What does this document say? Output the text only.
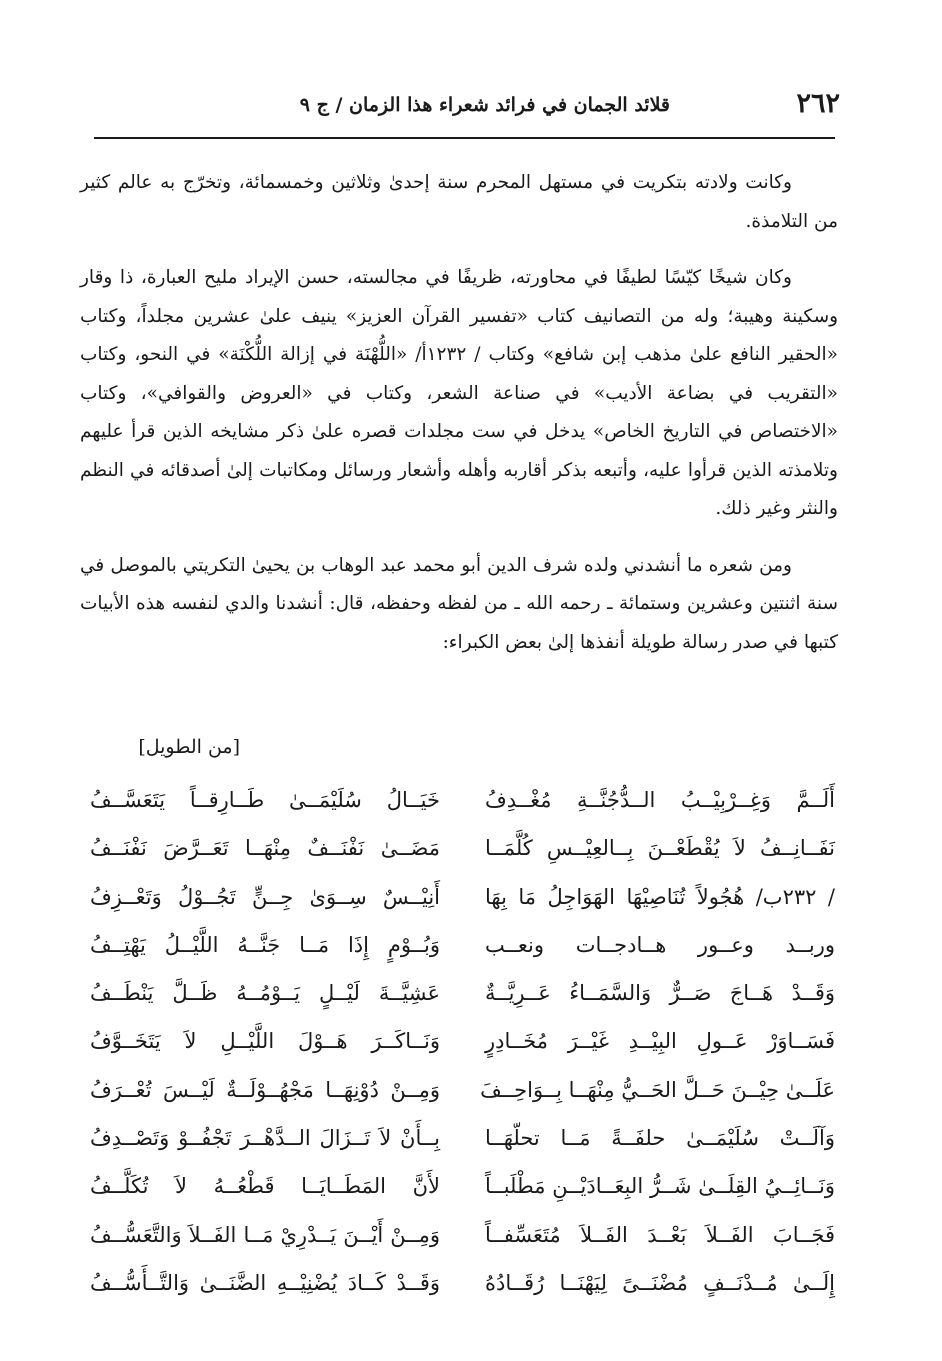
٢٦٢
قلائد الجمان في فرائد شعراء هذا الزمان / ج ٩

وكانت ولادته بتكريت في مستهل المحرم سنة إحدىٰ وثلاثين وخمسمائة، وتخرّج به عالم كثير من التلامذة.

وكان شيخًا كيّسًا لطيفًا في محاورته، ظريفًا في مجالسته، حسن الإيراد مليح العبارة، ذا وقار وسكينة وهيبة؛ وله من التصانيف كتاب «تفسير القرآن العزيز» ينيف علىٰ عشرين مجلداً، وكتاب «الحقير النافع علىٰ مذهب إبن شافع» وكتاب / ١٢٣٢أ/ «اللُّهْنَة في إزالة اللُّكْنَة» في النحو، وكتاب «التقريب في بضاعة الأديب» في صناعة الشعر، وكتاب في «العروض والقوافي»، وكتاب «الاختصاص في التاريخ الخاص» يدخل في ست مجلدات قصره علىٰ ذكر مشايخه الذين قرأ عليهم وتلامذته الذين قرأوا عليه، وأتبعه بذكر أقاربه وأهله وأشعار ورسائل ومكاتبات إلىٰ أصدقائه في النظم والنثر وغير ذلك.

ومن شعره ما أنشدني ولده شرف الدين أبو محمد عبد الوهاب بن يحيىٰ التكريتي بالموصل في سنة اثنتين وعشرين وستمائة ـ رحمه الله ـ من لفظه وحفظه، قال: أنشدنا والدي لنفسه هذه الأبيات كتبها في صدر رسالة طويلة أنفذها إلىٰ بعض الكبراء:

[من الطويل]
أَلَــمَّ وَغِــرْبِيْــبُ الــدُّجُنَّــةِ مُغْــدِفُ
خَيَــالُ سُلَيْمَــىٰ طَــارِقــاً يَتَعَسَّــفُ
نَفَــانِــفُ لاَ يُقْطَعْــنَ بِــالعِيْــسِ كُلَّمَــا
مَضَــىٰ نَفْنَــفٌ مِنْهَــا تَعَــرَّضَ نَفْنَــفُ
/ ٢٣٢ب/ هُجُولاً تُنَاصِيْهَا الهَوَاجِلُ مَا بِهَا
أَنِيْــسٌ سِــوَىٰ جِــنٍّ تَجُــوْلُ وَتَعْــزِفُ
وربــد وعــور هــادجــات ونعــب
وَبُــوْمٍ إِذَا مَــا جَنَّــهُ اللَّيْــلُ يَهْتِــفُ
وَقَــدْ هَــاجَ صَــرٌّ وَالسَّمَــاءُ عَــرِيَّــةٌ
عَشِيَّــةَ لَيْــلٍ يَــوْمُــهُ ظَــلَّ يَنْطَــفُ
فَسَــاوَرْ عَــولِ البِيْــدِ غَيْــرَ مُخَــادِرٍ
وَنَــاكَــرَ هَــوْلَ اللَّيْــلِ لاَ يَتَخَــوَّفُ
عَلَــىٰ حِيْــنَ حَــلَّ الحَــيُّ مِنْهَــا بِــوَاحِــفَ
وَمِــنْ دُوْنِهَــا مَجْهُــوْلَــةٌ لَيْــسَ تُعْــرَفُ
وَآلَــتْ سُلَيْمَــىٰ حلفَــةً مَــا تحلّهَــا
بِــأَنْ لاَ تَــزَالَ الــدَّهْــرَ تَجْفُــوْ وَتَصْــدِفُ
وَنَــائِــيُ القِلَــىٰ شَــرُّ البِعَــادَيْــنِ مَطْلَبــاً
لأَنَّ المَطَــايَــا قَطْعُــهُ لاَ تُكَلَّــفُ
فَجَــابَ الفَــلاَ بَعْــدَ الفَــلاَ مُتَعَسِّفــاً
وَمِــنْ أَيْــنَ يَــدْرِيْ مَــا الفَــلاَ وَالتَّعَسُّــفُ
إِلَــىٰ مُــدْنَــفٍ مُضْنَــىً لِيَهْنَــا رُقَــادُهُ
وَقَــدْ كَــادَ يُضْنِيْــهِ الضَّنَــىٰ وَالتَّــأَسُّــفُ
